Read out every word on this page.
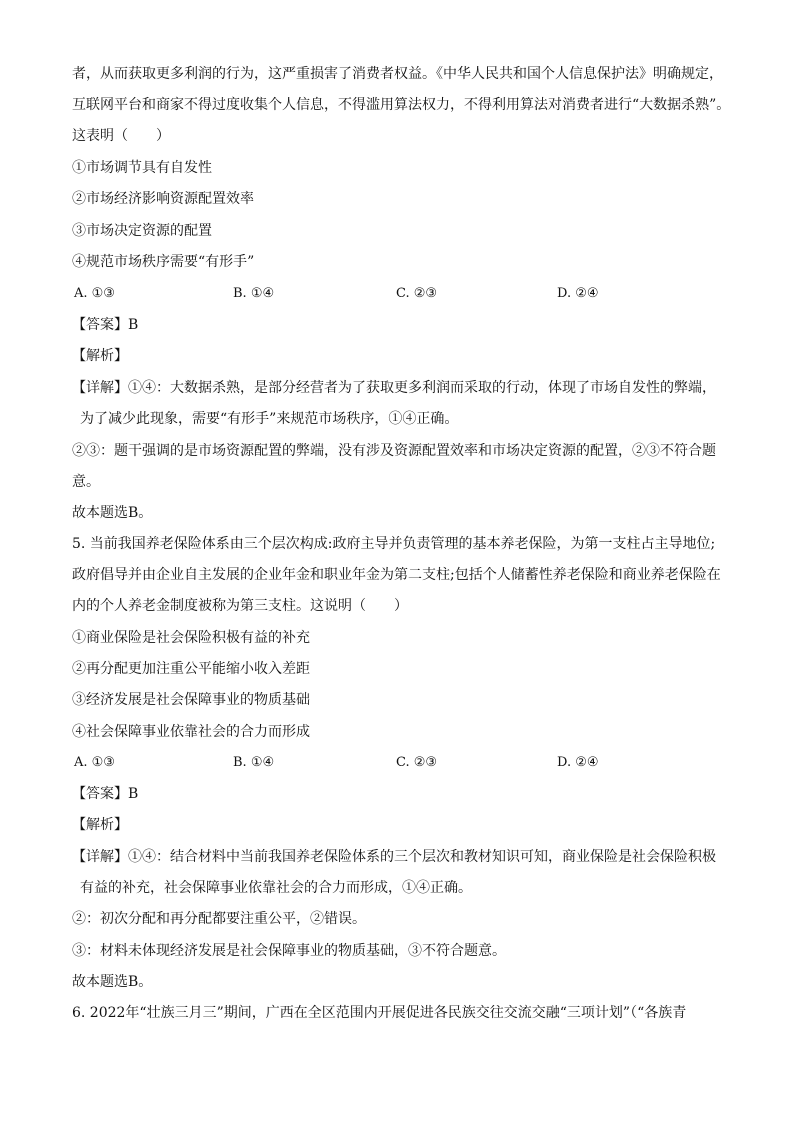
者，从而获取更多利润的行为，这严重损害了消费者权益。《中华人民共和国个人信息保护法》明确规定，
互联网平台和商家不得过度收集个人信息，不得滥用算法权力，不得利用算法对消费者进行“大数据杀熟”。
这表明（　　）
①市场调节具有自发性
②市场经济影响资源配置效率
③市场决定资源的配置
④规范市场秩序需要“有形手”
A. ①③	B. ①④	C. ②③	D. ②④
【答案】B
【解析】
【详解】①④：大数据杀熟，是部分经营者为了获取更多利润而采取的行动，体现了市场自发性的弊端，
为了减少此现象，需要“有形手”来规范市场秩序，①④正确。
②③：题干强调的是市场资源配置的弊端，没有涉及资源配置效率和市场决定资源的配置，②③不符合题
意。
故本题选B。
5. 当前我国养老保险体系由三个层次构成:政府主导并负责管理的基本养老保险，为第一支柱占主导地位;
政府倡导并由企业自主发展的企业年金和职业年金为第二支柱;包括个人储蓄性养老保险和商业养老保险在
内的个人养老金制度被称为第三支柱。这说明（　　）
①商业保险是社会保险积极有益的补充
②再分配更加注重公平能缩小收入差距
③经济发展是社会保障事业的物质基础
④社会保障事业依靠社会的合力而形成
A. ①③	B. ①④	C. ②③	D. ②④
【答案】B
【解析】
【详解】①④：结合材料中当前我国养老保险体系的三个层次和教材知识可知，商业保险是社会保险积极
有益的补充，社会保障事业依靠社会的合力而形成，①④正确。
②：初次分配和再分配都要注重公平，②错误。
③：材料未体现经济发展是社会保障事业的物质基础，③不符合题意。
故本题选B。
6. 2022年“壮族三月三”期间，广西在全区范围内开展促进各民族交往交流交融“三项计划”（“各族青
